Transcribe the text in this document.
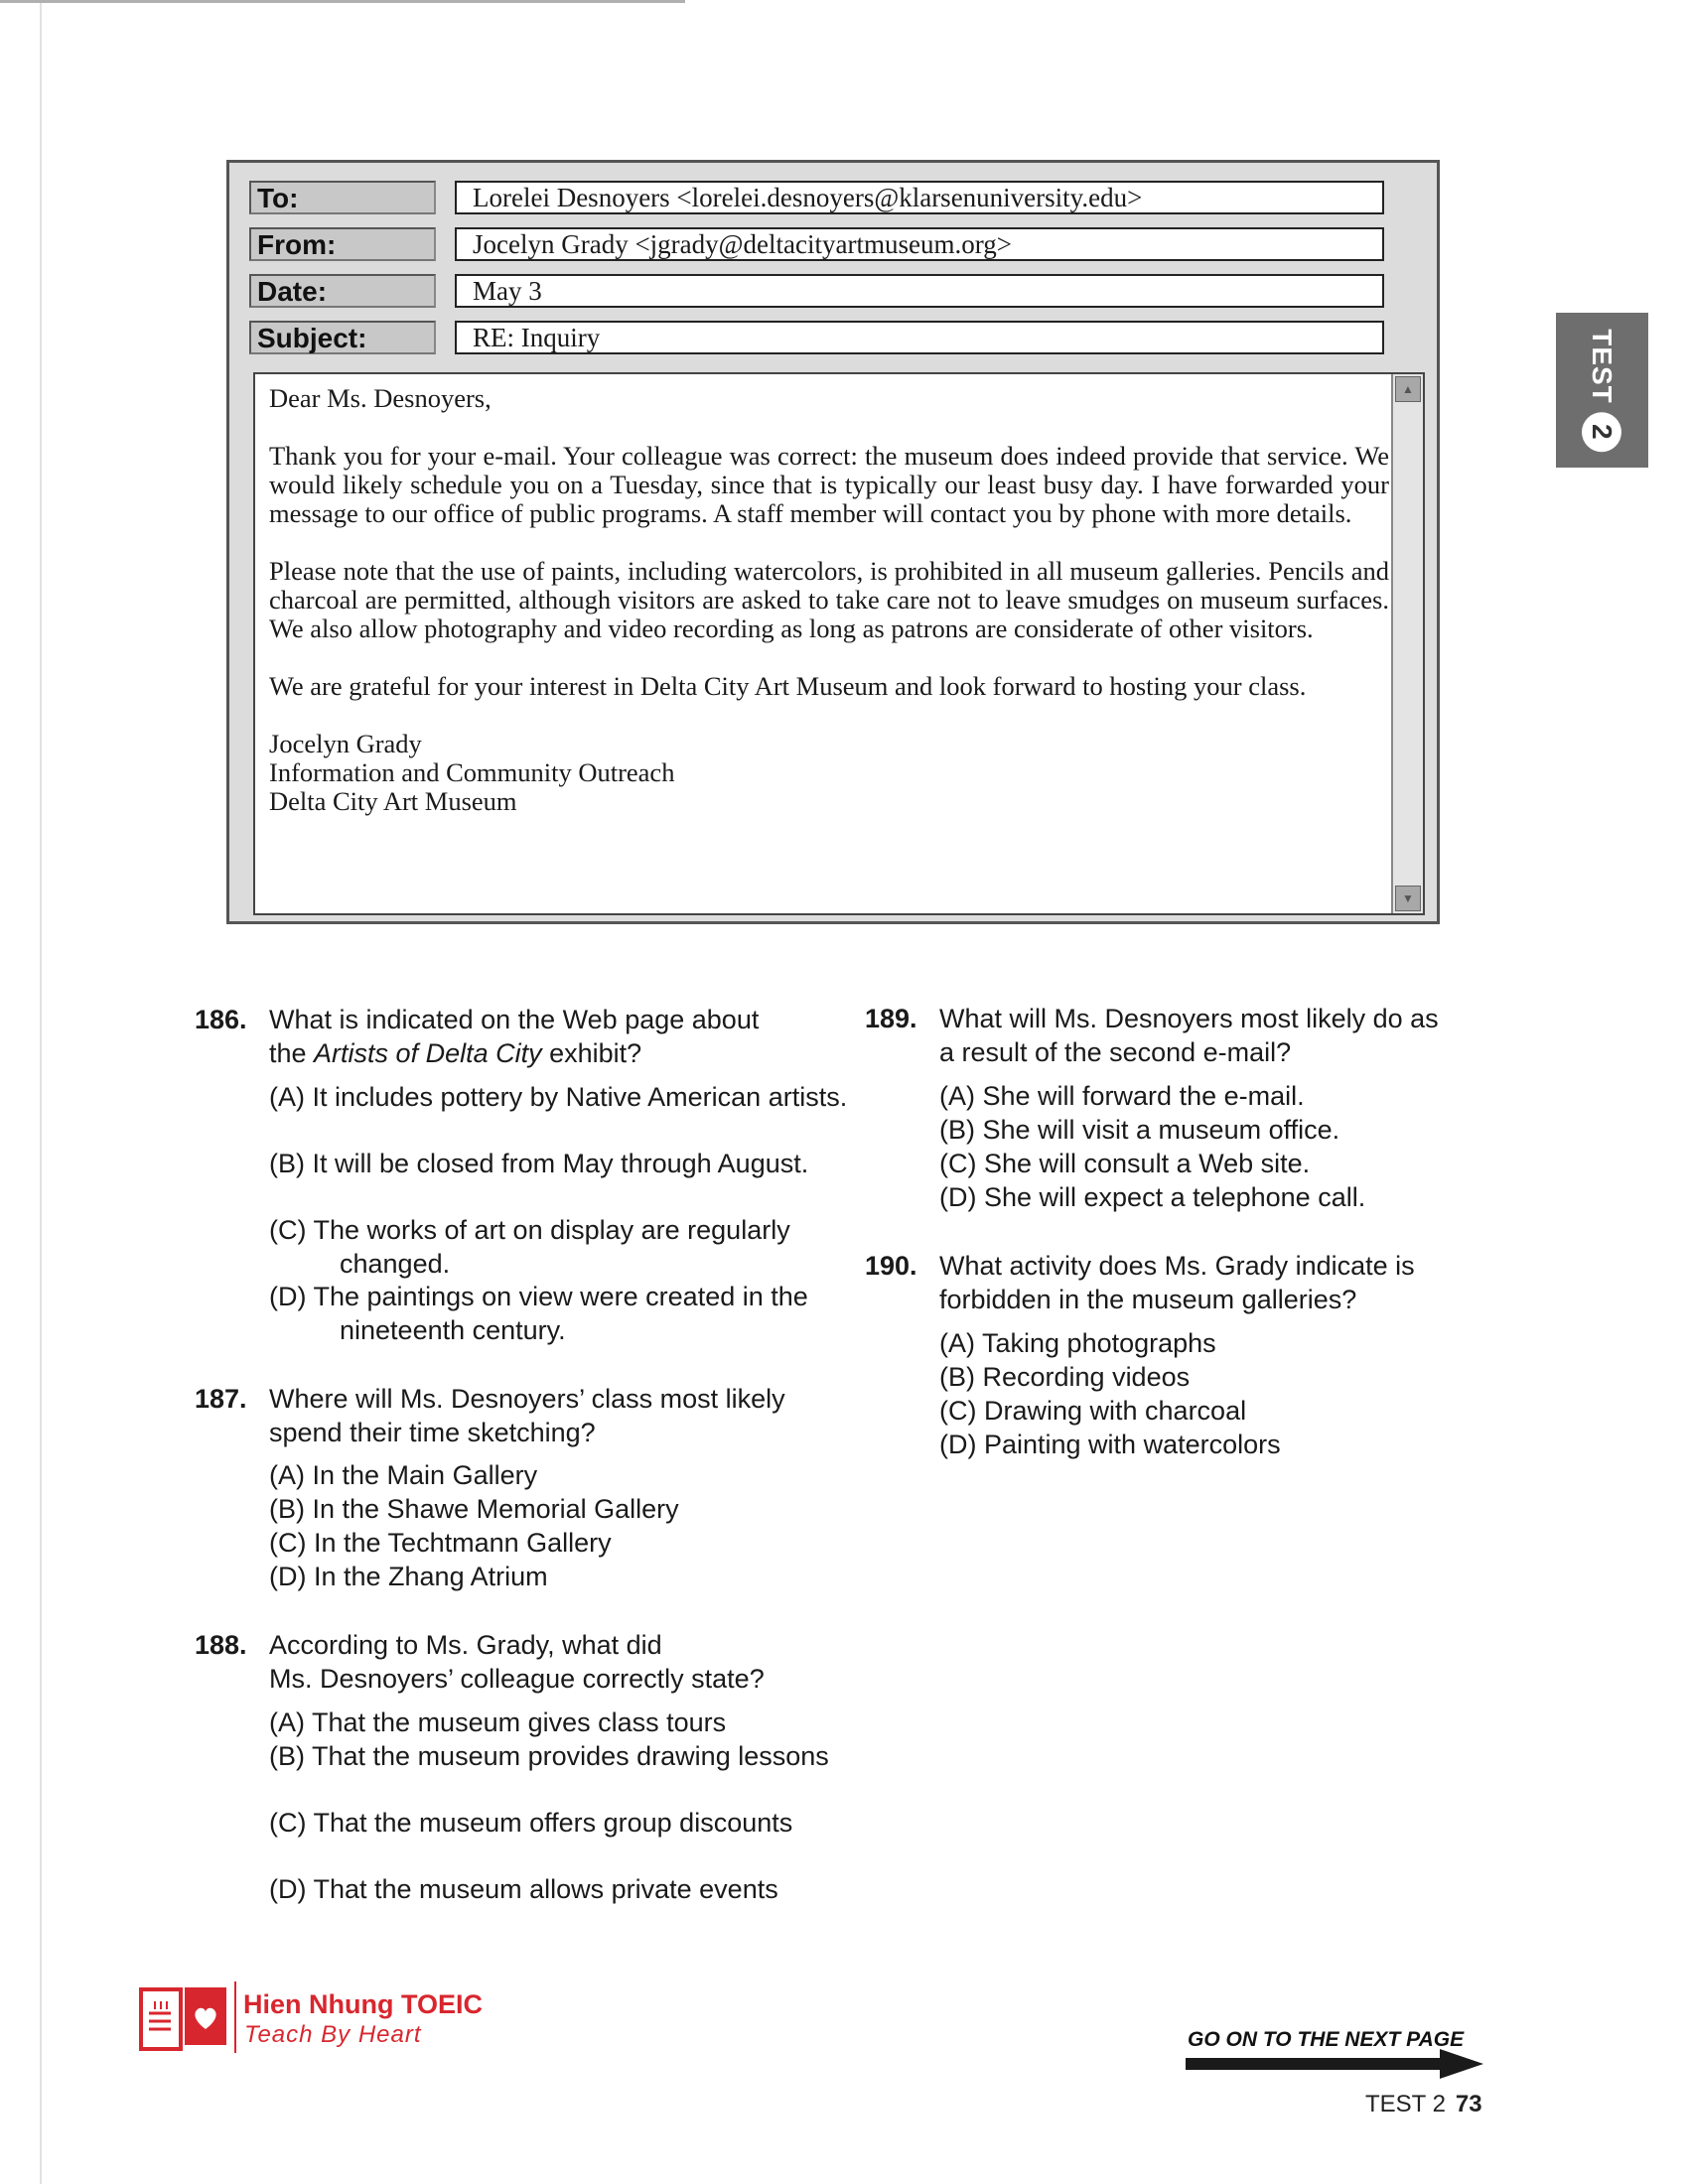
To:	Lorelei Desnoyers <lorelei.desnoyers@klarsenuniversity.edu>
From:	Jocelyn Grady <jgrady@deltacityartmuseum.org>
Date:	May 3
Subject:	RE: Inquiry

Dear Ms. Desnoyers,

Thank you for your e-mail. Your colleague was correct: the museum does indeed provide that service. We would likely schedule you on a Tuesday, since that is typically our least busy day. I have forwarded your message to our office of public programs. A staff member will contact you by phone with more details.

Please note that the use of paints, including watercolors, is prohibited in all museum galleries. Pencils and charcoal are permitted, although visitors are asked to take care not to leave smudges on museum surfaces. We also allow photography and video recording as long as patrons are considerate of other visitors.

We are grateful for your interest in Delta City Art Museum and look forward to hosting your class.

Jocelyn Grady
Information and Community Outreach
Delta City Art Museum

▲
▼
TEST
2
186. What is indicated on the Web page about
the Artists of Delta City exhibit?
(A) It includes pottery by Native American artists.
(B) It will be closed from May through August.
(C) The works of art on display are regularly changed.
(D) The paintings on view were created in the nineteenth century.
187. Where will Ms. Desnoyers’ class most likely
spend their time sketching?
(A) In the Main Gallery
(B) In the Shawe Memorial Gallery
(C) In the Techtmann Gallery
(D) In the Zhang Atrium
188. According to Ms. Grady, what did
Ms. Desnoyers’ colleague correctly state?
(A) That the museum gives class tours
(B) That the museum provides drawing lessons
(C) That the museum offers group discounts
(D) That the museum allows private events
189. What will Ms. Desnoyers most likely do as
a result of the second e-mail?
(A) She will forward the e-mail.
(B) She will visit a museum office.
(C) She will consult a Web site.
(D) She will expect a telephone call.
190. What activity does Ms. Grady indicate is
forbidden in the museum galleries?
(A) Taking photographs
(B) Recording videos
(C) Drawing with charcoal
(D) Painting with watercolors
Hien Nhung TOEIC
Teach By Heart	GO ON TO THE NEXT PAGE
TEST 2 73
